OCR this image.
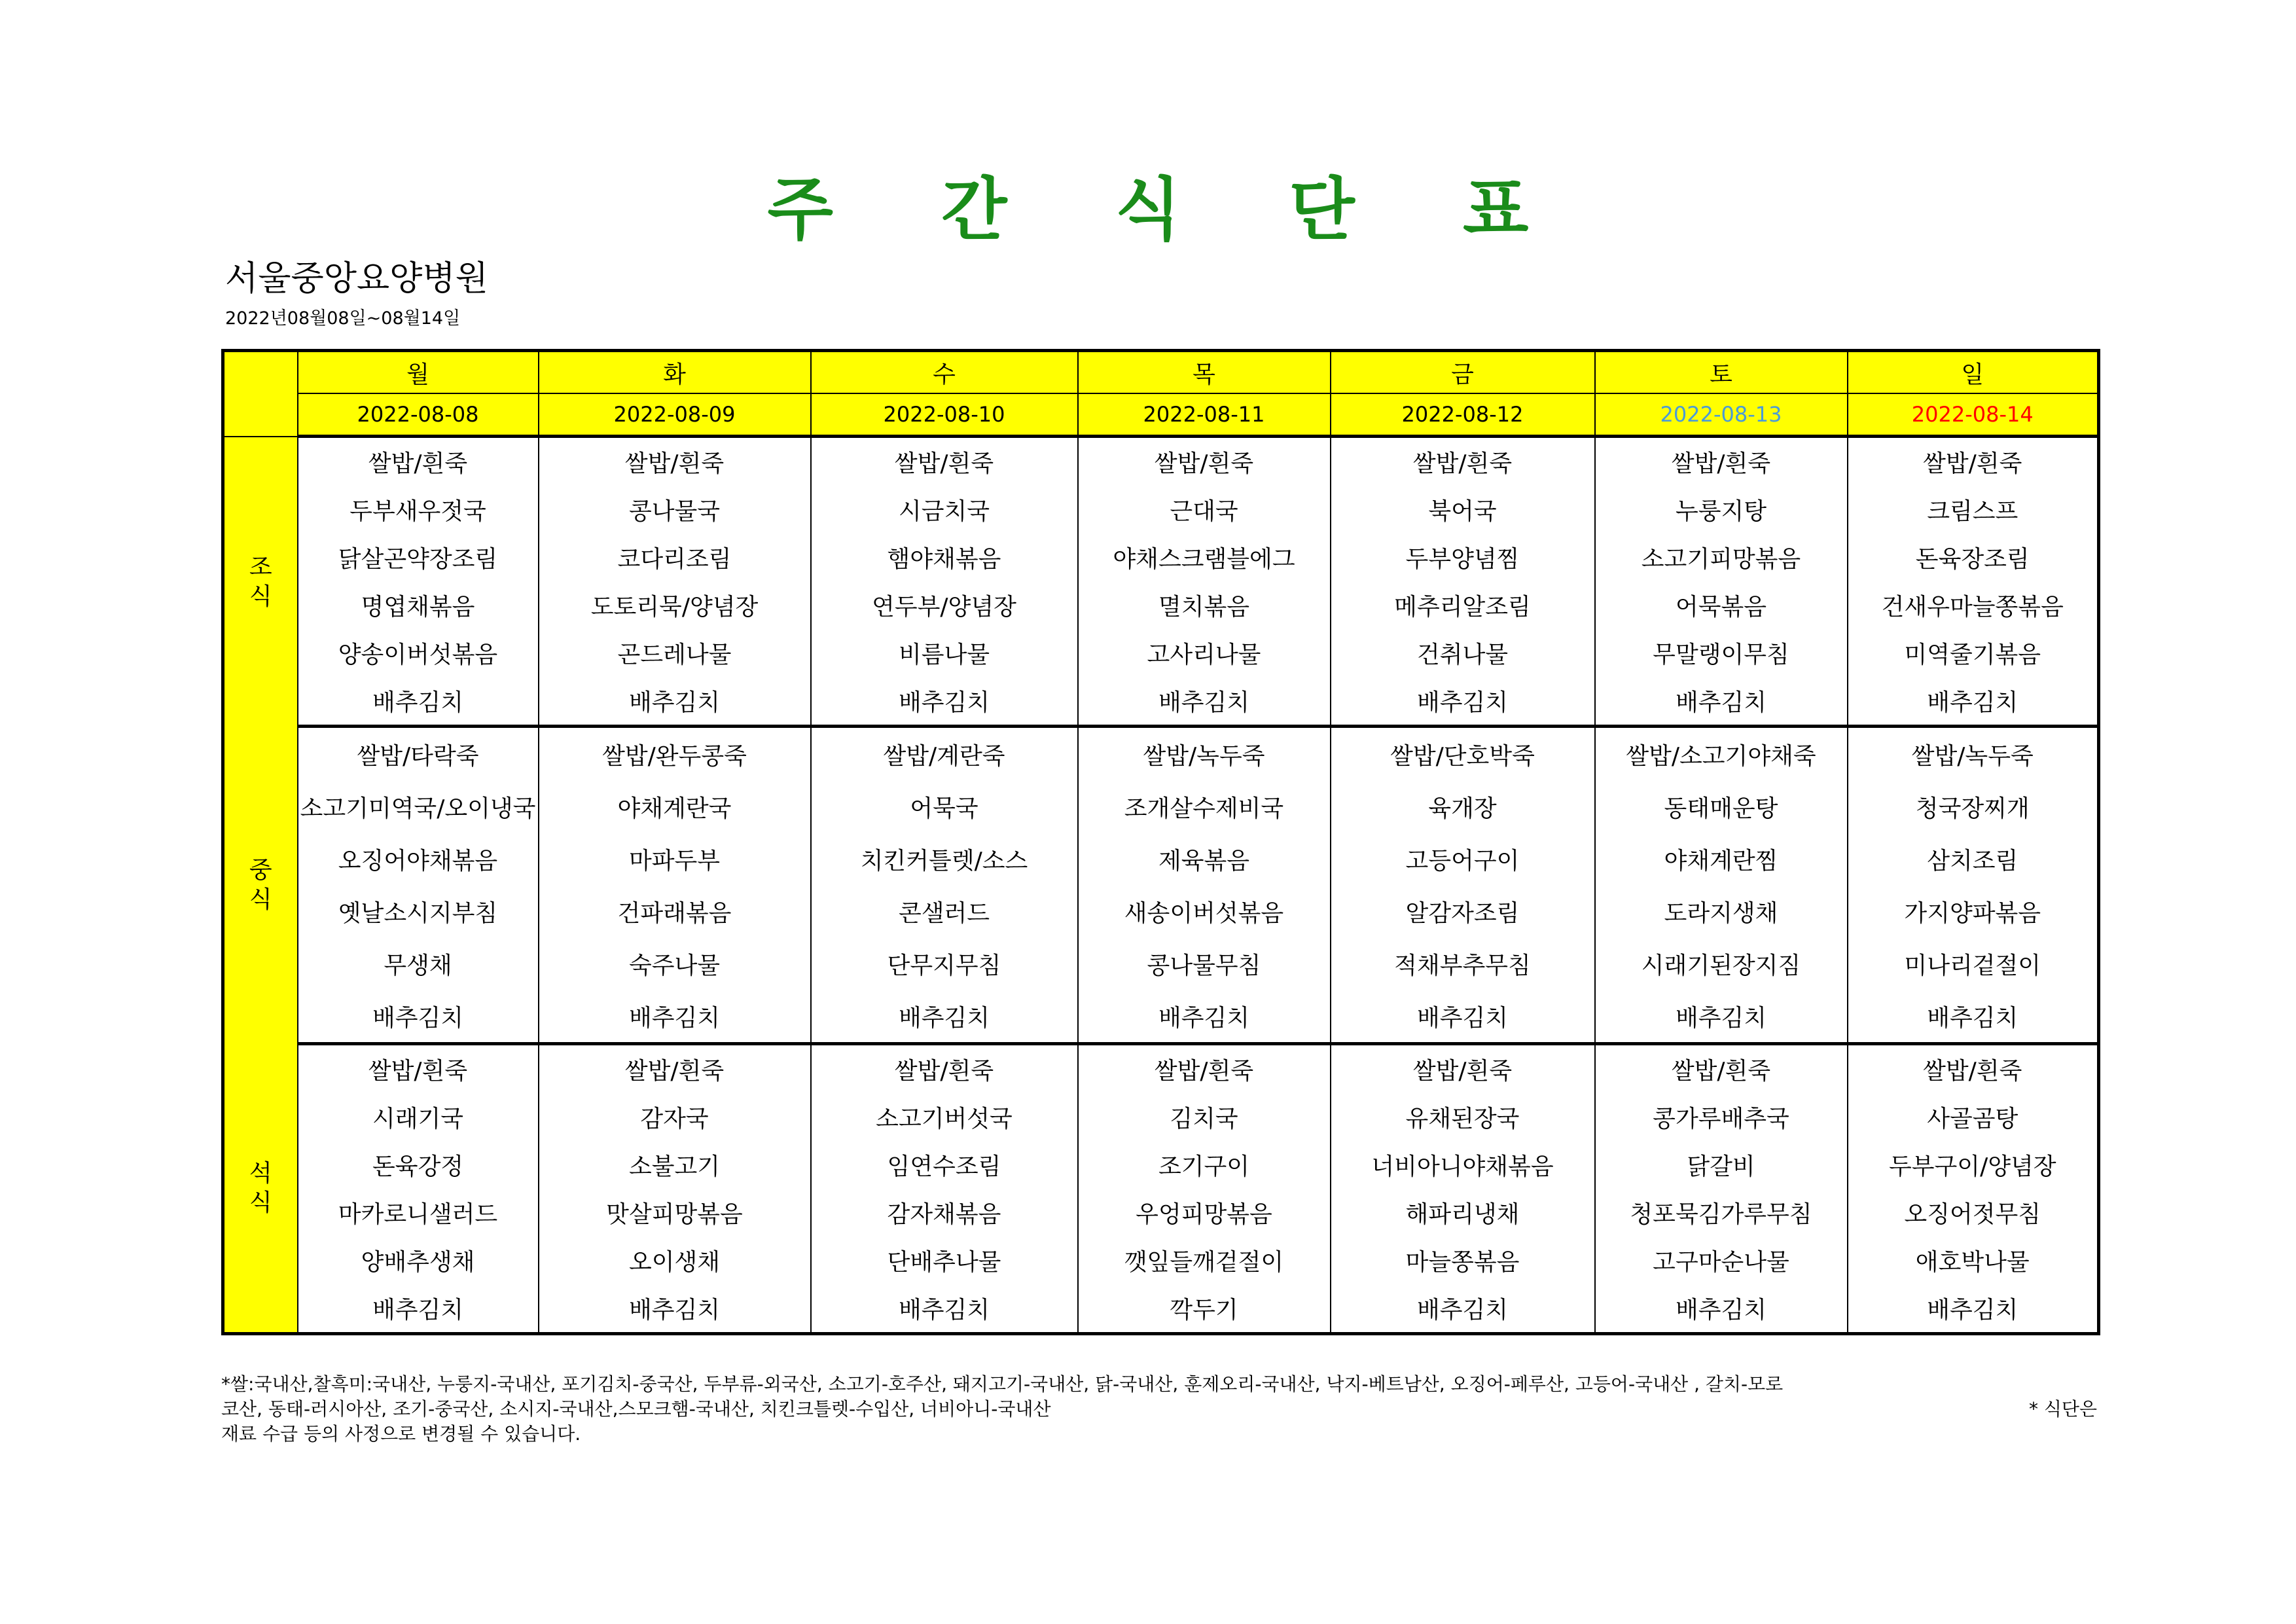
주 간 식 단 표
서울중앙요양병원
2022년08월08일~08월14일
	월	화	수	목	금	토	일
	2022-08-08	2022-08-09	2022-08-10	2022-08-11	2022-08-12	2022-08-13	2022-08-14
조
식	쌀밥/흰죽	쌀밥/흰죽	쌀밥/흰죽	쌀밥/흰죽	쌀밥/흰죽	쌀밥/흰죽	쌀밥/흰죽
	두부새우젓국	콩나물국	시금치국	근대국	북어국	누룽지탕	크림스프
	닭살곤약장조림	코다리조림	햄야채볶음	야채스크램블에그	두부양념찜	소고기피망볶음	돈육장조림
	명엽채볶음	도토리묵/양념장	연두부/양념장	멸치볶음	메추리알조림	어묵볶음	건새우마늘쫑볶음
	양송이버섯볶음	곤드레나물	비름나물	고사리나물	건취나물	무말랭이무침	미역줄기볶음
	배추김치	배추김치	배추김치	배추김치	배추김치	배추김치	배추김치
중
식	쌀밥/타락죽	쌀밥/완두콩죽	쌀밥/계란죽	쌀밥/녹두죽	쌀밥/단호박죽	쌀밥/소고기야채죽	쌀밥/녹두죽
	소고기미역국/오이냉국	야채계란국	어묵국	조개살수제비국	육개장	동태매운탕	청국장찌개
	오징어야채볶음	마파두부	치킨커틀렛/소스	제육볶음	고등어구이	야채계란찜	삼치조림
	옛날소시지부침	건파래볶음	콘샐러드	새송이버섯볶음	알감자조림	도라지생채	가지양파볶음
	무생채	숙주나물	단무지무침	콩나물무침	적채부추무침	시래기된장지짐	미나리겉절이
	배추김치	배추김치	배추김치	배추김치	배추김치	배추김치	배추김치
석
식	쌀밥/흰죽	쌀밥/흰죽	쌀밥/흰죽	쌀밥/흰죽	쌀밥/흰죽	쌀밥/흰죽	쌀밥/흰죽
	시래기국	감자국	소고기버섯국	김치국	유채된장국	콩가루배추국	사골곰탕
	돈육강정	소불고기	임연수조림	조기구이	너비아니야채볶음	닭갈비	두부구이/양념장
	마카로니샐러드	맛살피망볶음	감자채볶음	우엉피망볶음	해파리냉채	청포묵김가루무침	오징어젓무침
	양배추생채	오이생채	단배추나물	깻잎들깨겉절이	마늘쫑볶음	고구마순나물	애호박나물
	배추김치	배추김치	배추김치	깍두기	배추김치	배추김치	배추김치

*쌀:국내산,찰흑미:국내산, 누룽지-국내산, 포기김치-중국산, 두부류-외국산, 소고기-호주산, 돼지고기-국내산, 닭-국내산, 훈제오리-국내산, 낙지-베트남산, 오징어-페루산, 고등어-국내산 , 갈치-모로

코산, 동태-러시아산, 조기-중국산, 소시지-국내산,스모크햄-국내산, 치킨크틀렛-수입산, 너비아니-국내산	* 식단은

재료 수급 등의 사정으로 변경될 수 있습니다.
